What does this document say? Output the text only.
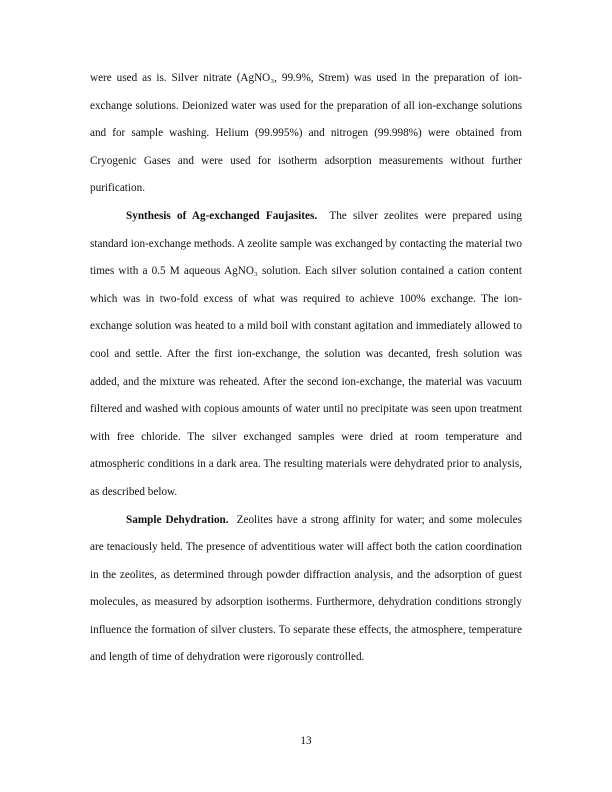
were used as is. Silver nitrate (AgNO₃, 99.9%, Strem) was used in the preparation of ion-exchange solutions. Deionized water was used for the preparation of all ion-exchange solutions and for sample washing. Helium (99.995%) and nitrogen (99.998%) were obtained from Cryogenic Gases and were used for isotherm adsorption measurements without further purification.

Synthesis of Ag-exchanged Faujasites. The silver zeolites were prepared using standard ion-exchange methods. A zeolite sample was exchanged by contacting the material two times with a 0.5 M aqueous AgNO₃ solution. Each silver solution contained a cation content which was in two-fold excess of what was required to achieve 100% exchange. The ion-exchange solution was heated to a mild boil with constant agitation and immediately allowed to cool and settle. After the first ion-exchange, the solution was decanted, fresh solution was added, and the mixture was reheated. After the second ion-exchange, the material was vacuum filtered and washed with copious amounts of water until no precipitate was seen upon treatment with free chloride. The silver exchanged samples were dried at room temperature and atmospheric conditions in a dark area. The resulting materials were dehydrated prior to analysis, as described below.

Sample Dehydration. Zeolites have a strong affinity for water; and some molecules are tenaciously held. The presence of adventitious water will affect both the cation coordination in the zeolites, as determined through powder diffraction analysis, and the adsorption of guest molecules, as measured by adsorption isotherms. Furthermore, dehydration conditions strongly influence the formation of silver clusters. To separate these effects, the atmosphere, temperature and length of time of dehydration were rigorously controlled.

13
